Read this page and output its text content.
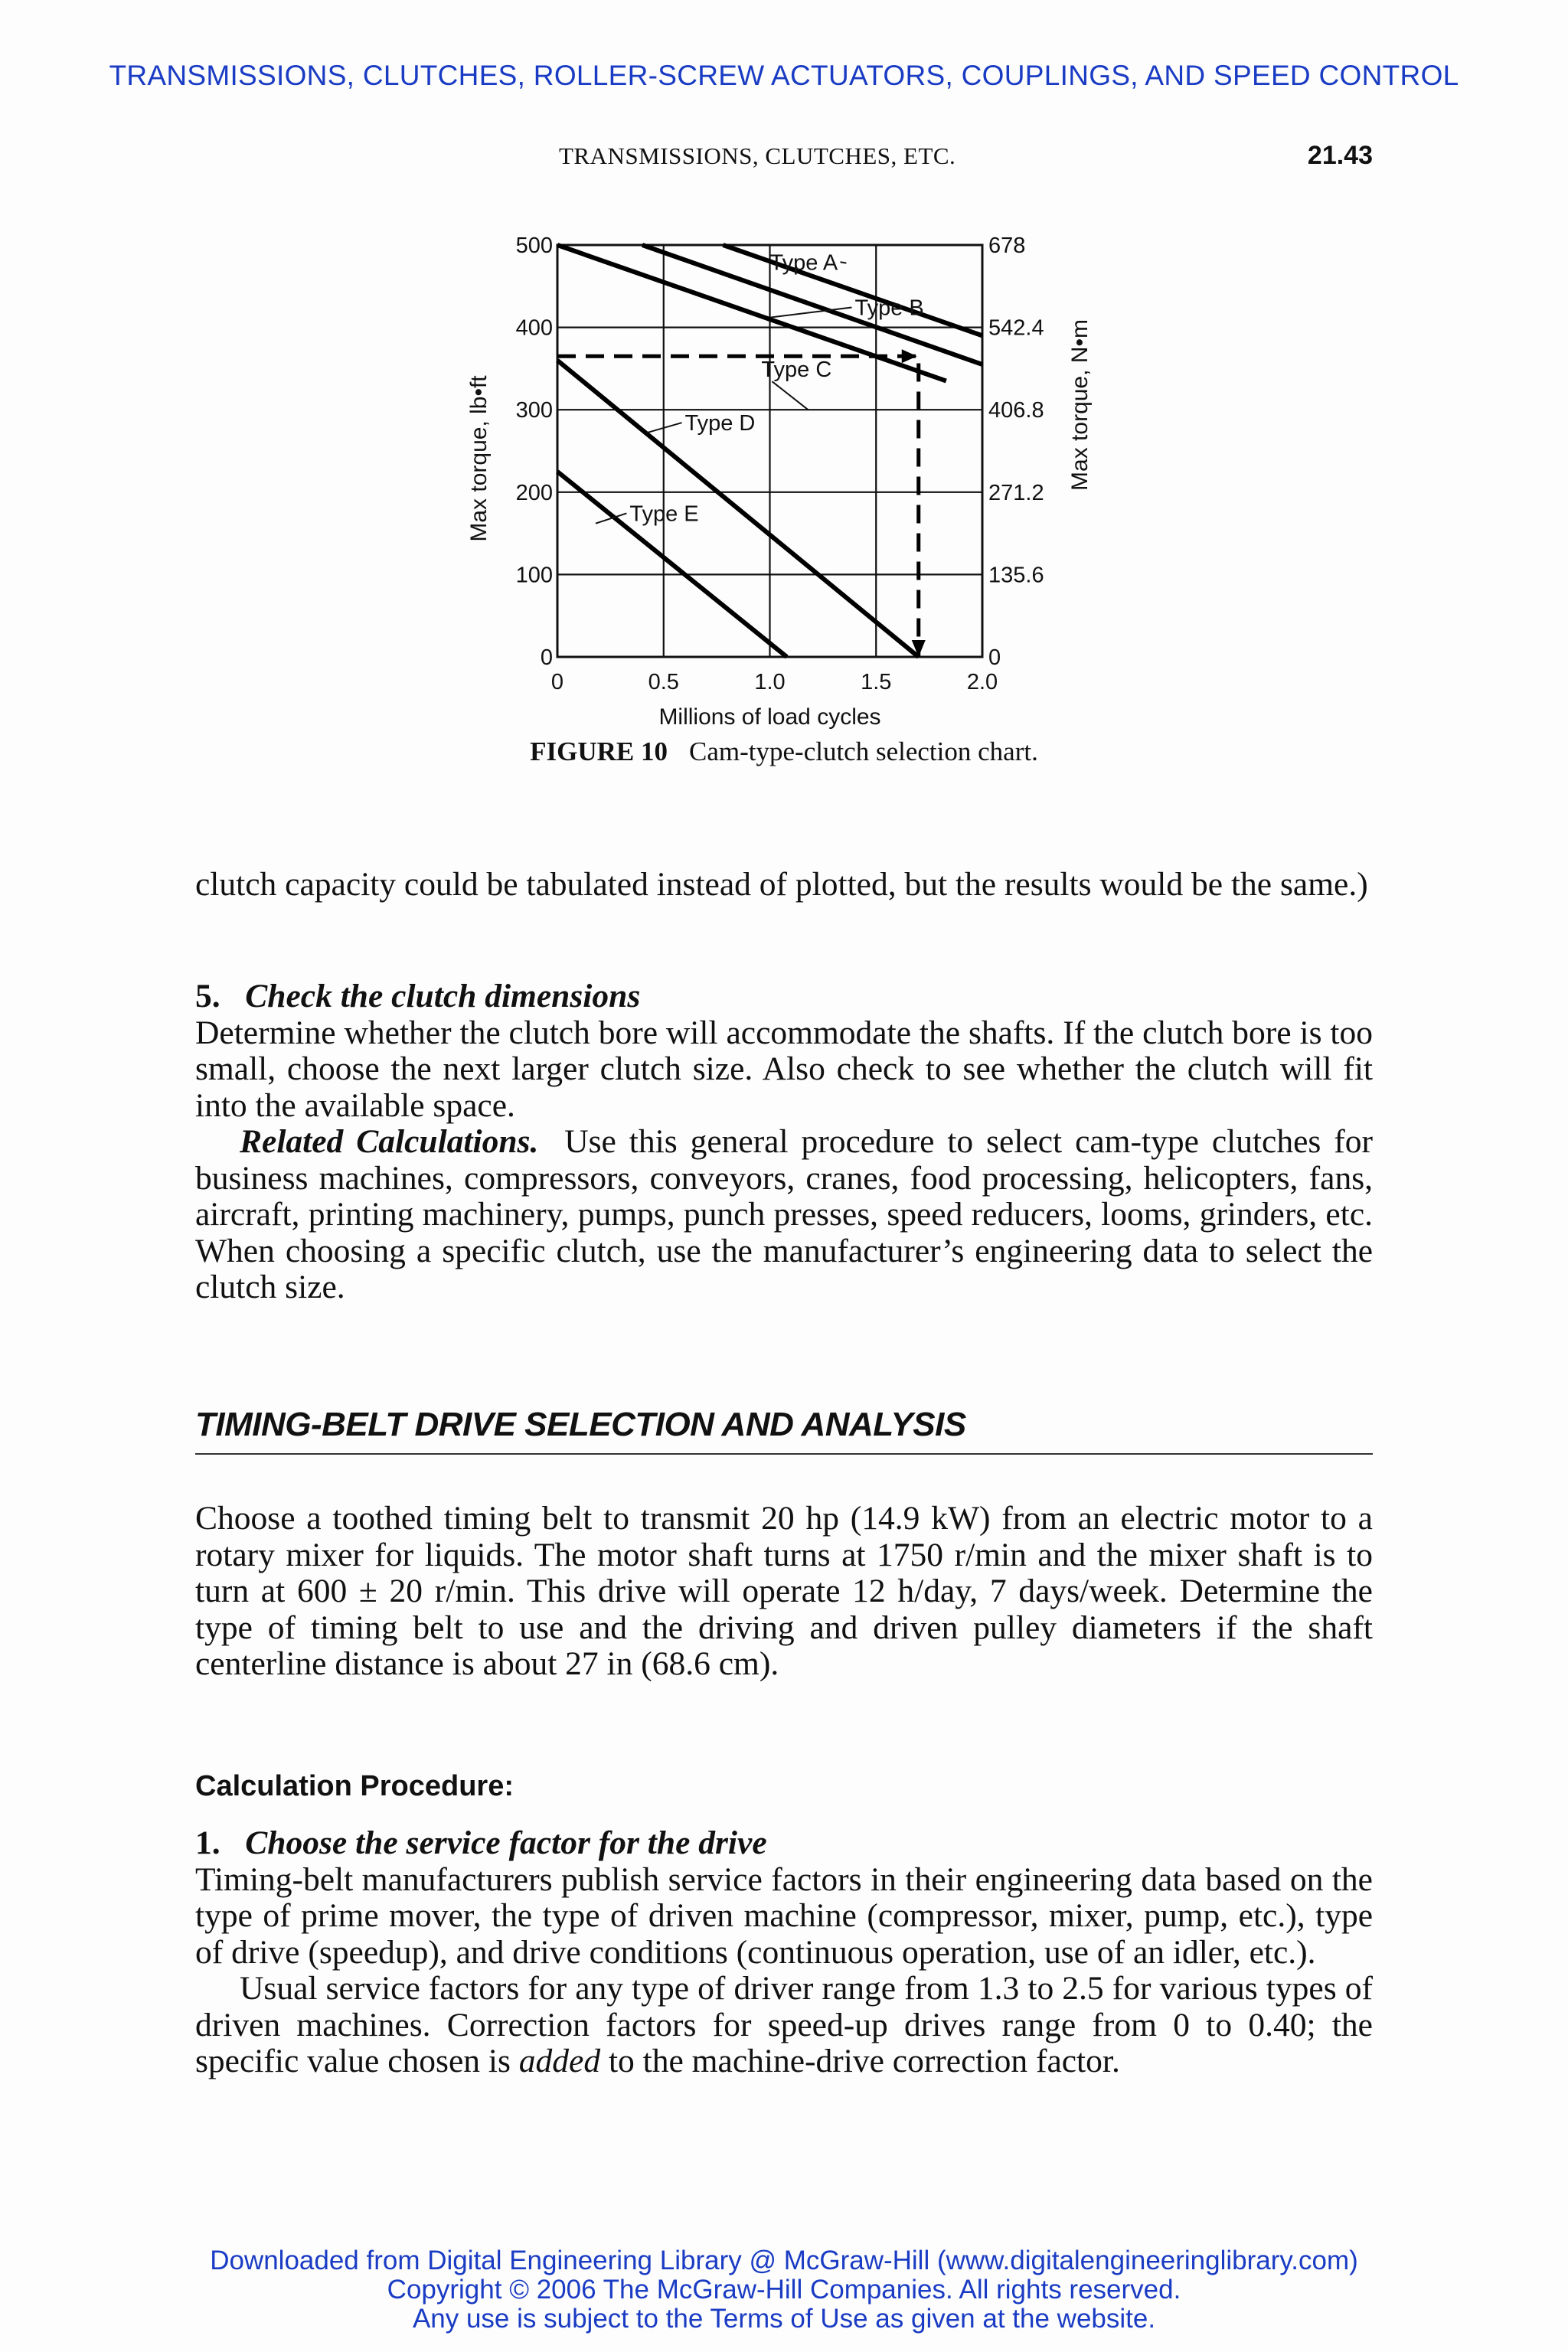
TRANSMISSIONS, CLUTCHES, ROLLER-SCREW ACTUATORS, COUPLINGS, AND SPEED CONTROL
TRANSMISSIONS, CLUTCHES, ETC.	21.43
0	0.5	1.0	1.5	2.0
0
100
200
300
400
500
0
135.6
271.2
406.8
542.4
678
Millions of load cycles
Max torque, lb•ft	Max torque, N•m
Type A
Type B
Type C
Type D
Type E
FIGURE 10 Cam-type-clutch selection chart.

clutch capacity could be tabulated instead of plotted, but the results would be the same.)

5. Check the clutch dimensions

Determine whether the clutch bore will accommodate the shafts. If the clutch bore is too small, choose the next larger clutch size. Also check to see whether the clutch will fit into the available space.

Related Calculations. Use this general procedure to select cam-type clutches for business machines, compressors, conveyors, cranes, food processing, helicopters, fans, aircraft, printing machinery, pumps, punch presses, speed reducers, looms, grinders, etc. When choosing a specific clutch, use the manufacturer’s engineering data to select the clutch size.

TIMING-BELT DRIVE SELECTION AND ANALYSIS

Choose a toothed timing belt to transmit 20 hp (14.9 kW) from an electric motor to a rotary mixer for liquids. The motor shaft turns at 1750 r/min and the mixer shaft is to turn at 600 ± 20 r/min. This drive will operate 12 h/day, 7 days/week. Determine the type of timing belt to use and the driving and driven pulley diameters if the shaft centerline distance is about 27 in (68.6 cm).

Calculation Procedure:

1. Choose the service factor for the drive

Timing-belt manufacturers publish service factors in their engineering data based on the type of prime mover, the type of driven machine (compressor, mixer, pump, etc.), type of drive (speedup), and drive conditions (continuous operation, use of an idler, etc.).

Usual service factors for any type of driver range from 1.3 to 2.5 for various types of driven machines. Correction factors for speed-up drives range from 0 to 0.40; the specific value chosen is added to the machine-drive correction factor.

Downloaded from Digital Engineering Library @ McGraw-Hill (www.digitalengineeringlibrary.com)
Copyright © 2006 The McGraw-Hill Companies. All rights reserved.
Any use is subject to the Terms of Use as given at the website.
